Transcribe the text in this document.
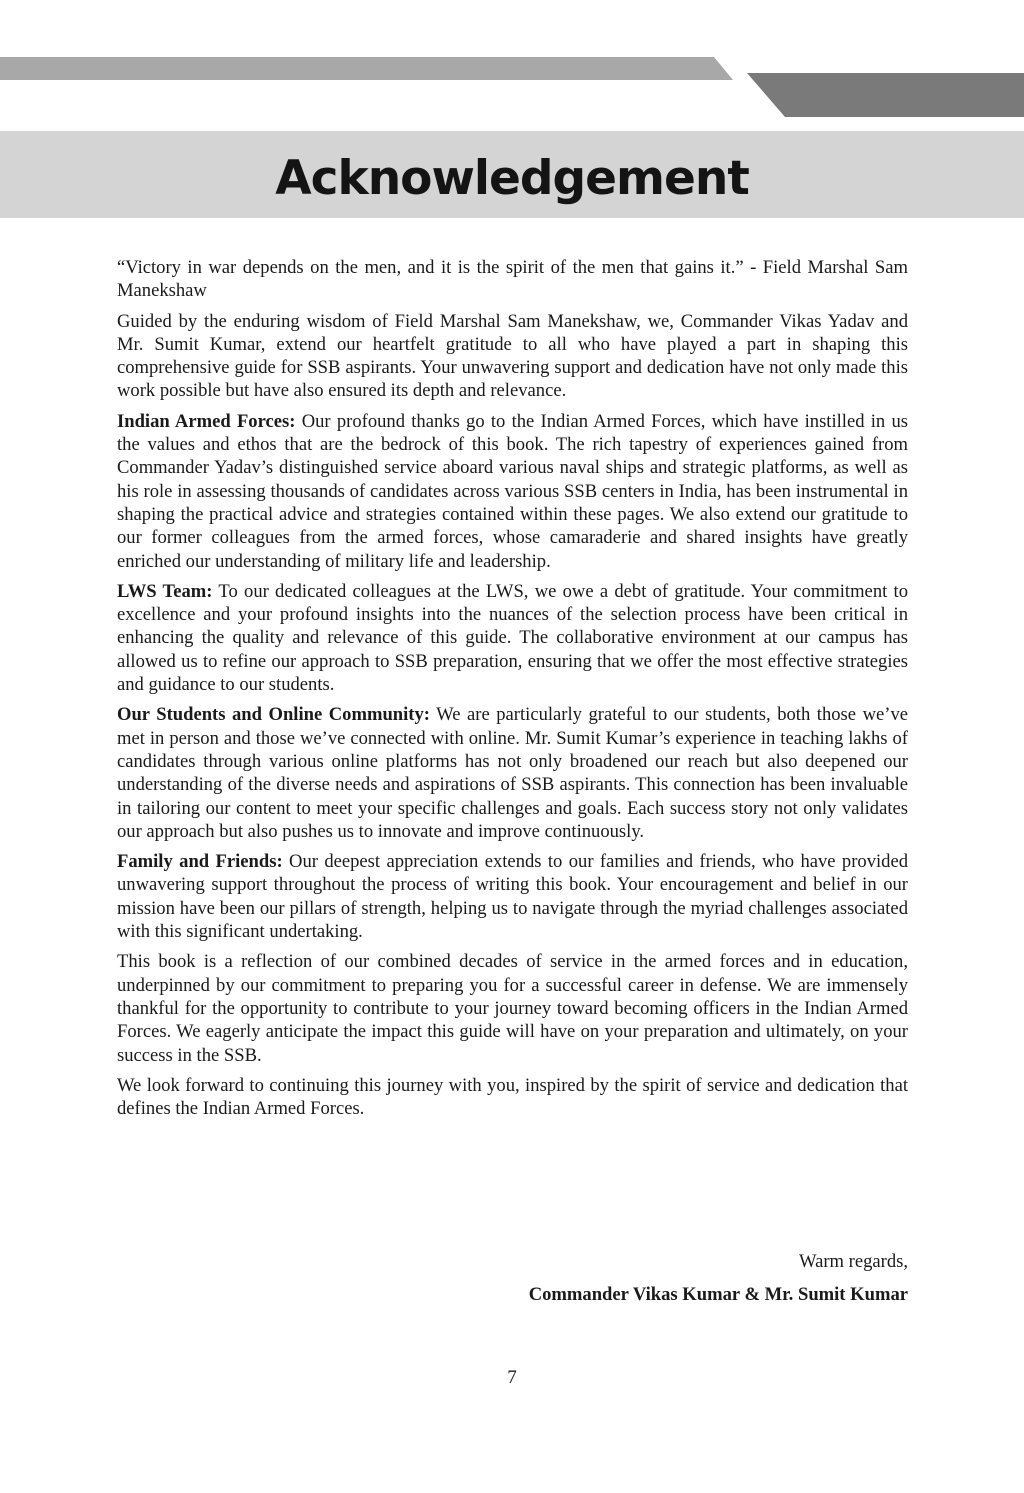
Acknowledgement

“Victory in war depends on the men, and it is the spirit of the men that gains it.” - Field Marshal Sam Manekshaw

Guided by the enduring wisdom of Field Marshal Sam Manekshaw, we, Commander Vikas Yadav and Mr. Sumit Kumar, extend our heartfelt gratitude to all who have played a part in shaping this comprehensive guide for SSB aspirants. Your unwavering support and dedication have not only made this work possible but have also ensured its depth and relevance.

Indian Armed Forces: Our profound thanks go to the Indian Armed Forces, which have instilled in us the values and ethos that are the bedrock of this book. The rich tapestry of experiences gained from Commander Yadav’s distinguished service aboard various naval ships and strategic platforms, as well as his role in assessing thousands of candidates across various SSB centers in India, has been instrumental in shaping the practical advice and strategies contained within these pages. We also extend our gratitude to our former colleagues from the armed forces, whose camaraderie and shared insights have greatly enriched our understanding of military life and leadership.

LWS Team: To our dedicated colleagues at the LWS, we owe a debt of gratitude. Your commitment to excellence and your profound insights into the nuances of the selection process have been critical in enhancing the quality and relevance of this guide. The collaborative environment at our campus has allowed us to refine our approach to SSB preparation, ensuring that we offer the most effective strategies and guidance to our students.

Our Students and Online Community: We are particularly grateful to our students, both those we’ve met in person and those we’ve connected with online. Mr. Sumit Kumar’s experience in teaching lakhs of candidates through various online platforms has not only broadened our reach but also deepened our understanding of the diverse needs and aspirations of SSB aspirants. This connection has been invaluable in tailoring our content to meet your specific challenges and goals. Each success story not only validates our approach but also pushes us to innovate and improve continuously.

Family and Friends: Our deepest appreciation extends to our families and friends, who have provided unwavering support throughout the process of writing this book. Your encouragement and belief in our mission have been our pillars of strength, helping us to navigate through the myriad challenges associated with this significant undertaking.

This book is a reflection of our combined decades of service in the armed forces and in education, underpinned by our commitment to preparing you for a successful career in defense. We are immensely thankful for the opportunity to contribute to your journey toward becoming officers in the Indian Armed Forces. We eagerly anticipate the impact this guide will have on your preparation and ultimately, on your success in the SSB.

We look forward to continuing this journey with you, inspired by the spirit of service and dedication that defines the Indian Armed Forces.

Warm regards,
Commander Vikas Kumar & Mr. Sumit Kumar
7
